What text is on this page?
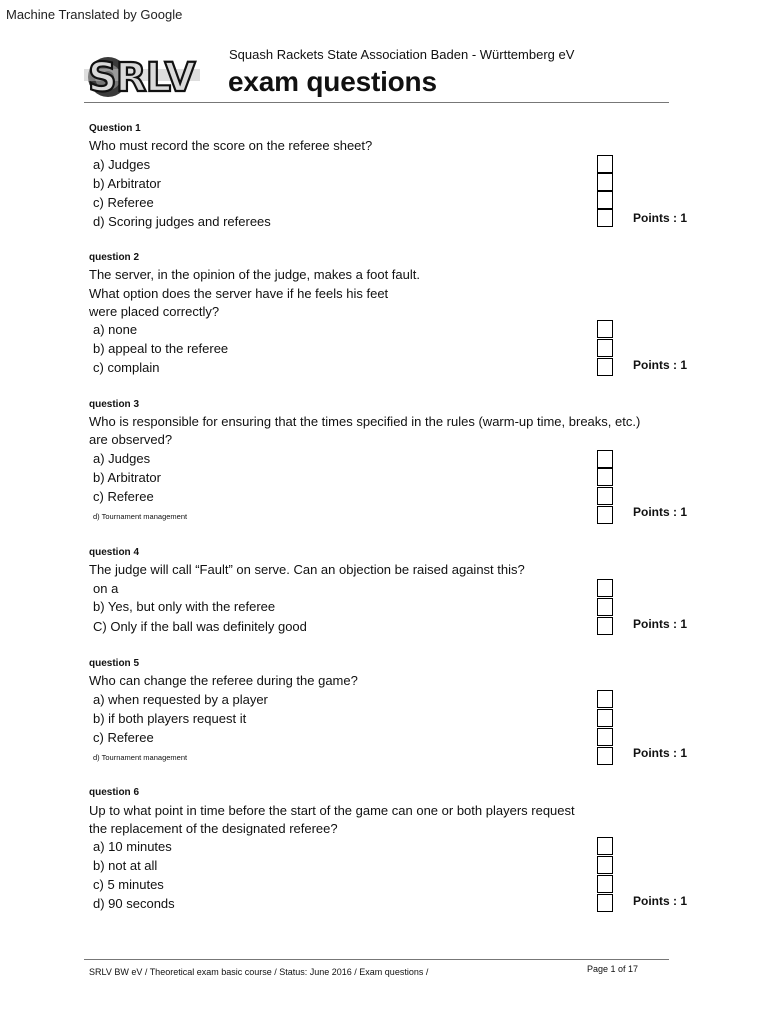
Machine Translated by Google
SRLV
Squash Rackets State Association Baden - Württemberg eV
exam questions
Question 1
Who must record the score on the referee sheet?
a) Judges
b) Arbitrator
c) Referee
d) Scoring judges and referees	Points : 1
question 2
The server, in the opinion of the judge, makes a foot fault.
What option does the server have if he feels his feet
were placed correctly?
a) none
b) appeal to the referee
c) complain	Points : 1
question 3
Who is responsible for ensuring that the times specified in the rules (warm-up time, breaks, etc.)
are observed?
a) Judges
b) Arbitrator
c) Referee
d) Tournament management	Points : 1
question 4
The judge will call “Fault” on serve. Can an objection be raised against this?
on a
b) Yes, but only with the referee
C) Only if the ball was definitely good	Points : 1
question 5
Who can change the referee during the game?
a) when requested by a player
b) if both players request it
c) Referee
d) Tournament management	Points : 1
question 6
Up to what point in time before the start of the game can one or both players request
the replacement of the designated referee?
a) 10 minutes
b) not at all
c) 5 minutes
d) 90 seconds	Points : 1
SRLV BW eV / Theoretical exam basic course / Status: June 2016 / Exam questions /	Page 1 of 17
